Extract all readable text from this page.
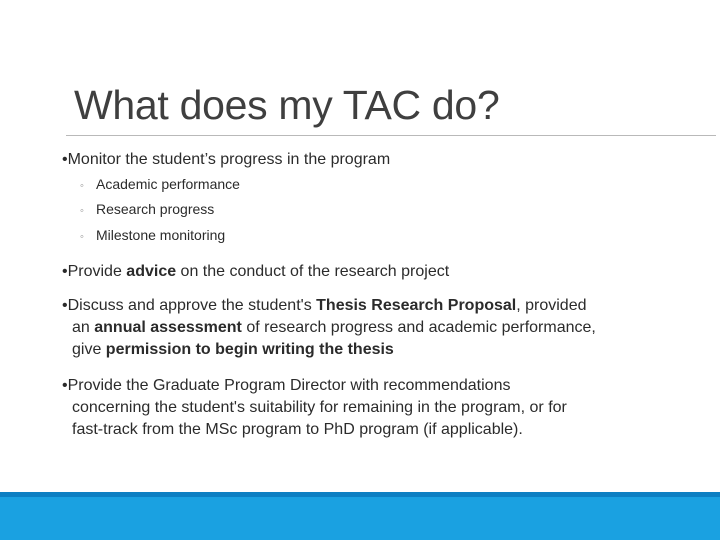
What does my TAC do?
•Monitor the student’s progress in the program
◦ Academic performance
◦ Research progress
◦ Milestone monitoring
•Provide advice on the conduct of the research project
•Discuss and approve the student's Thesis Research Proposal, provided
an annual assessment of research progress and academic performance,
give permission to begin writing the thesis
•Provide the Graduate Program Director with recommendations
concerning the student's suitability for remaining in the program, or for
fast-track from the MSc program to PhD program (if applicable).
